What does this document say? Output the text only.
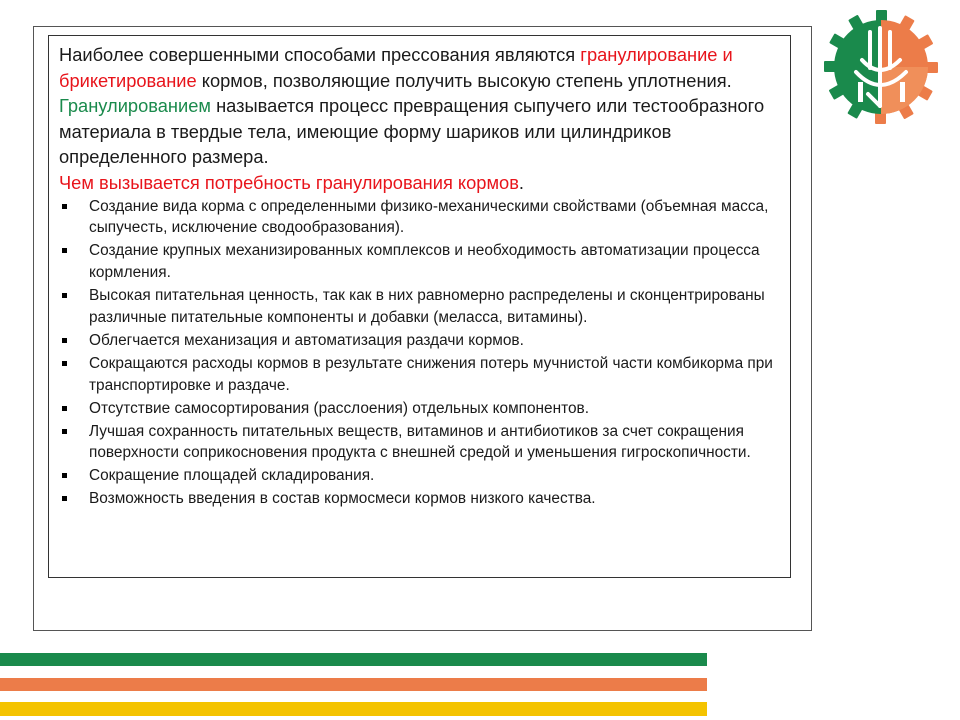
Наиболее совершенными способами прессования являются гранулирование и брикетирование кормов, позволяющие получить высокую степень уплотнения.

Гранулированием называется процесс превращения сыпучего или тестообразного материала в твердые тела, имеющие форму шариков или цилиндриков определенного размера.

Чем вызывается потребность гранулирования кормов.

Создание вида корма с определенными физико-механическими свойствами (объемная масса, сыпучесть, исключение сводообразования).
Создание крупных механизированных комплексов и необходимость автоматизации процесса кормления.
Высокая питательная ценность, так как в них равномерно распределены и сконцентрированы различные питательные компоненты и добавки (меласса, витамины).
Облегчается механизация и автоматизация раздачи кормов.
Сокращаются расходы кормов в результате снижения потерь мучнистой части комбикорма при транспортировке и раздаче.
Отсутствие самосортирования (расслоения) отдельных компонентов.
Лучшая сохранность питательных веществ, витаминов и антибиотиков за счет сокращения поверхности соприкосновения продукта с внешней средой и уменьшения гигроскопичности.
Сокращение площадей складирования.
Возможность введения в состав кормосмеси кормов низкого качества.
